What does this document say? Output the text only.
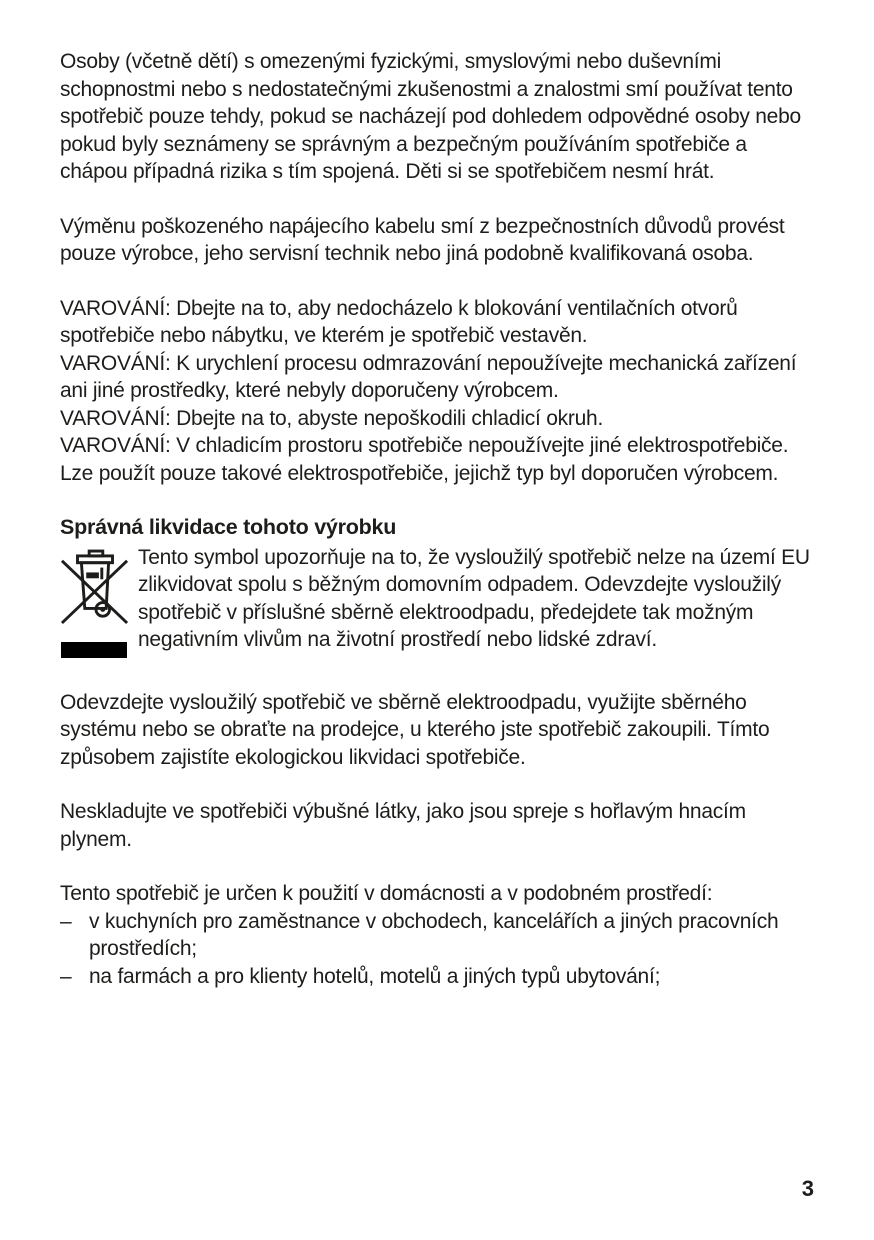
Osoby (včetně dětí) s omezenými fyzickými, smyslovými nebo duševními schopnostmi nebo s nedostatečnými zkušenostmi a znalostmi smí používat tento spotřebič pouze tehdy, pokud se nacházejí pod dohledem odpovědné osoby nebo pokud byly seznámeny se správným a bezpečným používáním spotřebiče a chápou případná rizika s tím spojená. Děti si se spotřebičem nesmí hrát.

Výměnu poškozeného napájecího kabelu smí z bezpečnostních důvodů provést pouze výrobce, jeho servisní technik nebo jiná podobně kvalifikovaná osoba.

VAROVÁNÍ: Dbejte na to, aby nedocházelo k blokování ventilačních otvorů spotřebiče nebo nábytku, ve kterém je spotřebič vestavěn.

VAROVÁNÍ: K urychlení procesu odmrazování nepoužívejte mechanická zařízení ani jiné prostředky, které nebyly doporučeny výrobcem.

VAROVÁNÍ: Dbejte na to, abyste nepoškodili chladicí okruh.

VAROVÁNÍ: V chladicím prostoru spotřebiče nepoužívejte jiné elektrospotřebiče. Lze použít pouze takové elektrospotřebiče, jejichž typ byl doporučen výrobcem.

Správná likvidace tohoto výrobku

Tento symbol upozorňuje na to, že vysloužilý spotřebič nelze na území EU zlikvidovat spolu s běžným domovním odpadem. Odevzdejte vysloužilý spotřebič v příslušné sběrně elektroodpadu, předejdete tak možným negativním vlivům na životní prostředí nebo lidské zdraví.

Odevzdejte vysloužilý spotřebič ve sběrně elektroodpadu, využijte sběrného systému nebo se obraťte na prodejce, u kterého jste spotřebič zakoupili. Tímto způsobem zajistíte ekologickou likvidaci spotřebiče.

Neskladujte ve spotřebiči výbušné látky, jako jsou spreje s hořlavým hnacím plynem.

Tento spotřebič je určen k použití v domácnosti a v podobném prostředí:

– v kuchyních pro zaměstnance v obchodech, kancelářích a jiných pracovních prostředích;
– na farmách a pro klienty hotelů, motelů a jiných typů ubytování;
3
